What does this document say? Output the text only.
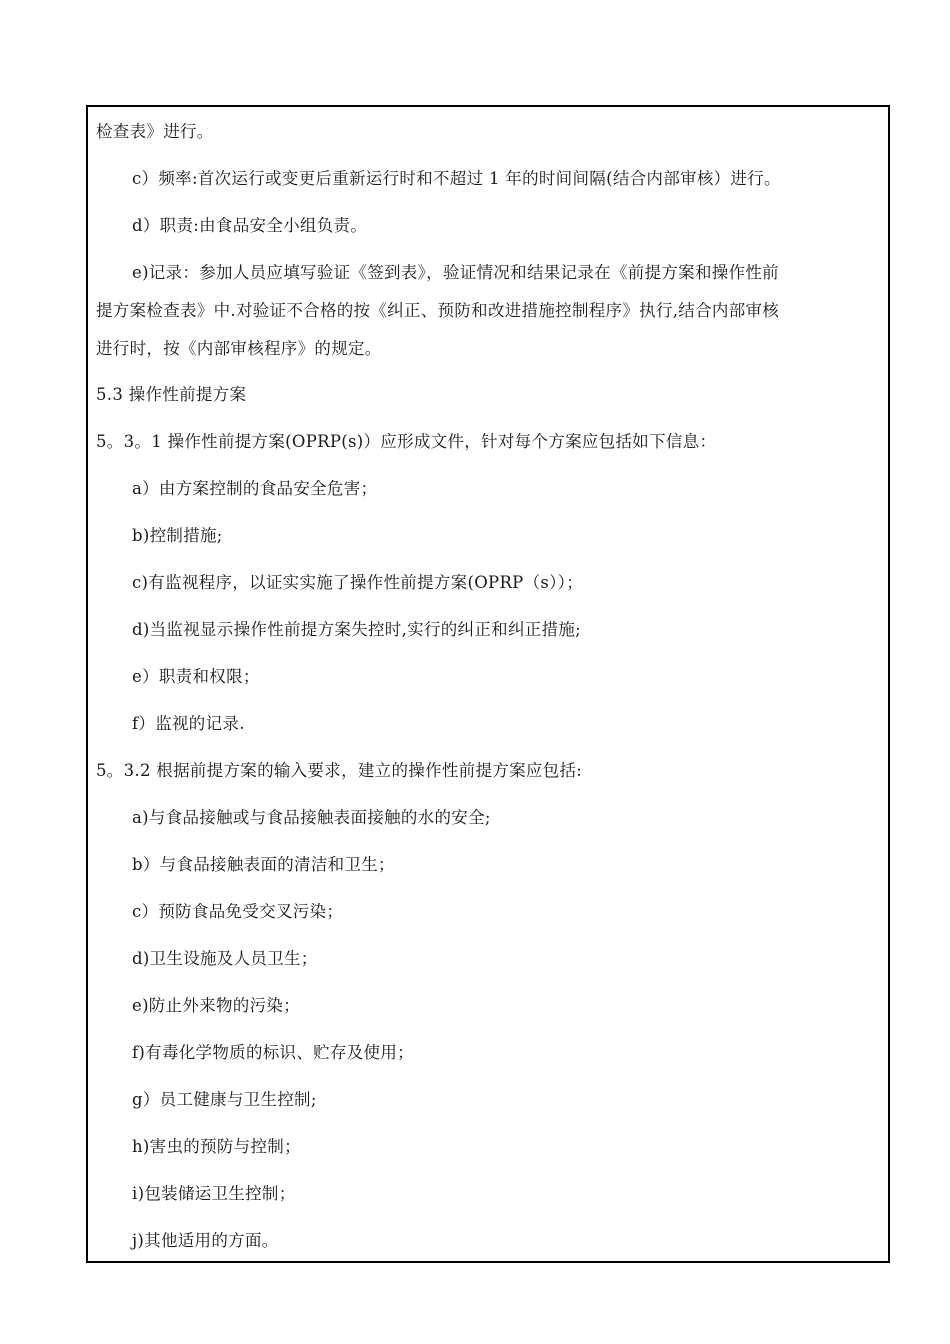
检查表》进行。
c）频率:首次运行或变更后重新运行时和不超过 1 年的时间间隔(结合内部审核）进行。
d）职责:由食品安全小组负责。
e)记录：参加人员应填写验证《签到表》，验证情况和结果记录在《前提方案和操作性前
提方案检查表》中.对验证不合格的按《纠正、预防和改进措施控制程序》执行,结合内部审核
进行时，按《内部审核程序》的规定。
5.3 操作性前提方案
5。3。1 操作性前提方案(OPRP(s)）应形成文件，针对每个方案应包括如下信息：
a）由方案控制的食品安全危害；
b)控制措施;
c)有监视程序，以证实实施了操作性前提方案(OPRP（s））；
d)当监视显示操作性前提方案失控时,实行的纠正和纠正措施;
e）职责和权限；
f）监视的记录.
5。3.2 根据前提方案的输入要求，建立的操作性前提方案应包括:
a)与食品接触或与食品接触表面接触的水的安全;
b）与食品接触表面的清洁和卫生；
c）预防食品免受交叉污染；
d)卫生设施及人员卫生；
e)防止外来物的污染；
f)有毒化学物质的标识、贮存及使用；
g）员工健康与卫生控制;
h)害虫的预防与控制；
i)包装储运卫生控制；
j)其他适用的方面。
